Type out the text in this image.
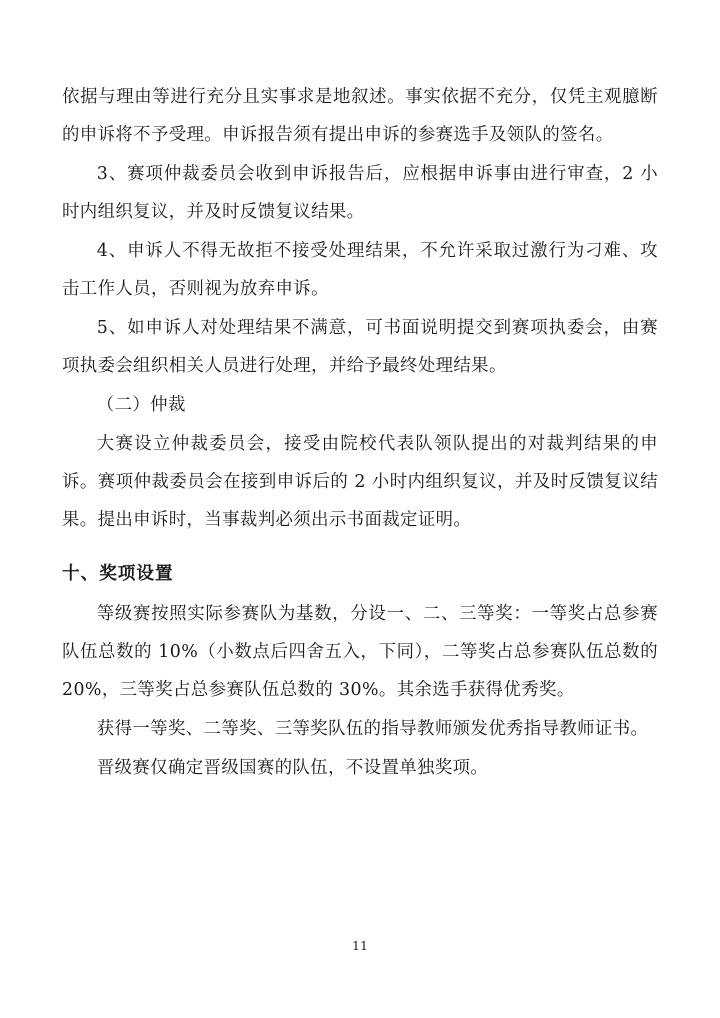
依据与理由等进行充分且实事求是地叙述。事实依据不充分，仅凭主观臆断的申诉将不予受理。申诉报告须有提出申诉的参赛选手及领队的签名。

3、赛项仲裁委员会收到申诉报告后，应根据申诉事由进行审查，2 小时内组织复议，并及时反馈复议结果。

4、申诉人不得无故拒不接受处理结果，不允许采取过激行为刁难、攻击工作人员，否则视为放弃申诉。

5、如申诉人对处理结果不满意，可书面说明提交到赛项执委会，由赛项执委会组织相关人员进行处理，并给予最终处理结果。

（二）仲裁

大赛设立仲裁委员会，接受由院校代表队领队提出的对裁判结果的申诉。赛项仲裁委员会在接到申诉后的 2 小时内组织复议，并及时反馈复议结果。提出申诉时，当事裁判必须出示书面裁定证明。

十、奖项设置

等级赛按照实际参赛队为基数，分设一、二、三等奖：一等奖占总参赛队伍总数的 10%（小数点后四舍五入，下同），二等奖占总参赛队伍总数的 20%，三等奖占总参赛队伍总数的 30%。其余选手获得优秀奖。

获得一等奖、二等奖、三等奖队伍的指导教师颁发优秀指导教师证书。

晋级赛仅确定晋级国赛的队伍，不设置单独奖项。

11
